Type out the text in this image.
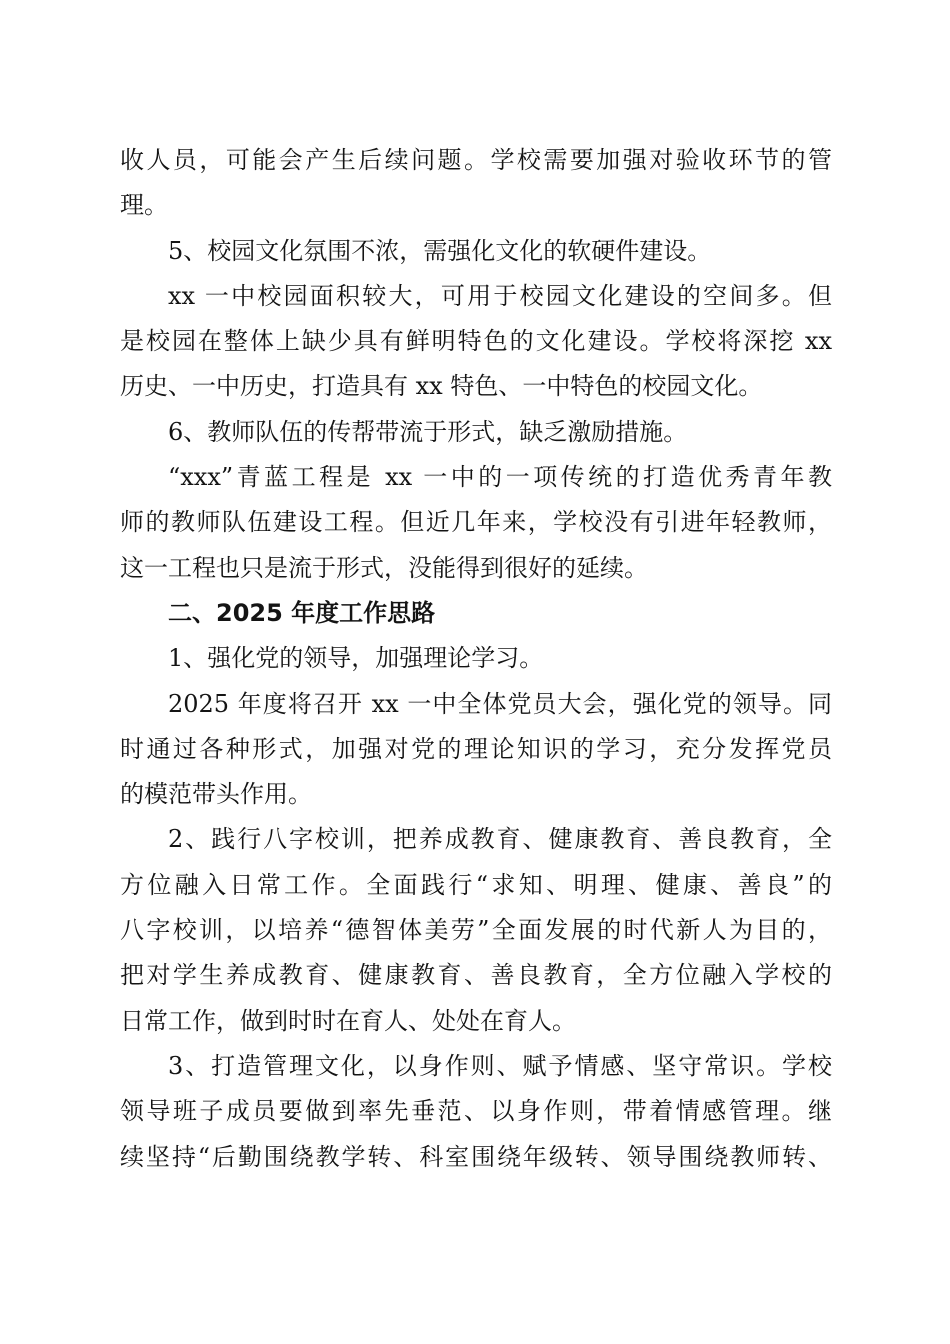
收人员，可能会产生后续问题。学校需要加强对验收环节的管
理。
5、校园文化氛围不浓，需强化文化的软硬件建设。
xx 一中校园面积较大，可用于校园文化建设的空间多。但
是校园在整体上缺少具有鲜明特色的文化建设。学校将深挖 xx
历史、一中历史，打造具有 xx 特色、一中特色的校园文化。
6、教师队伍的传帮带流于形式，缺乏激励措施。
“xxx”青蓝工程是 xx 一中的一项传统的打造优秀青年教
师的教师队伍建设工程。但近几年来，学校没有引进年轻教师，
这一工程也只是流于形式，没能得到很好的延续。
二、2025 年度工作思路
1、强化党的领导，加强理论学习。
2025 年度将召开 xx 一中全体党员大会，强化党的领导。同
时通过各种形式，加强对党的理论知识的学习，充分发挥党员
的模范带头作用。
2、践行八字校训，把养成教育、健康教育、善良教育，全
方位融入日常工作。全面践行“求知、明理、健康、善良”的
八字校训，以培养“德智体美劳”全面发展的时代新人为目的，
把对学生养成教育、健康教育、善良教育，全方位融入学校的
日常工作，做到时时在育人、处处在育人。
3、打造管理文化，以身作则、赋予情感、坚守常识。学校
领导班子成员要做到率先垂范、以身作则，带着情感管理。继
续坚持“后勤围绕教学转、科室围绕年级转、领导围绕教师转、
